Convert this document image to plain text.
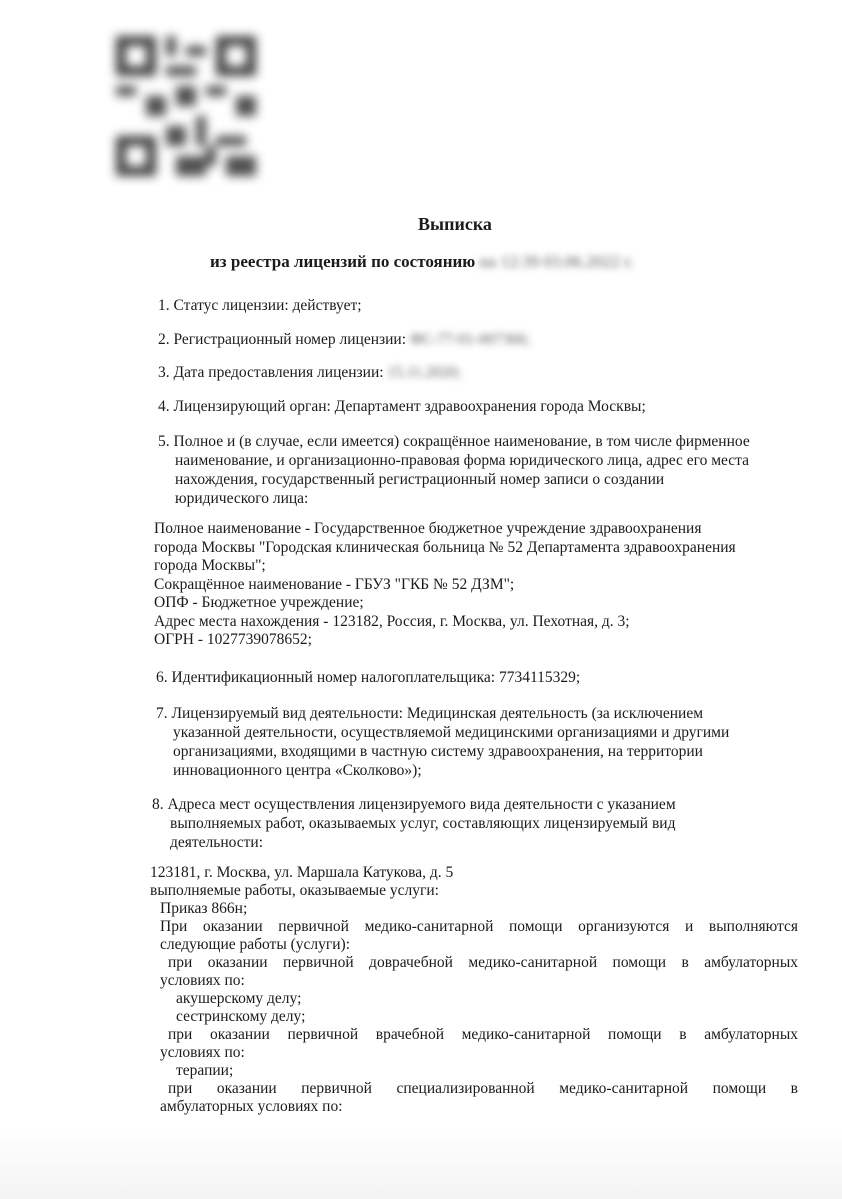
Выписка
из реестра лицензий по состоянию на 12:39 03.06.2022 г.
1. Статус лицензии: действует;
2. Регистрационный номер лицензии: ФС-77-01-007366;
3. Дата предоставления лицензии: 15.11.2020;
4. Лицензирующий орган: Департамент здравоохранения города Москвы;
5. Полное и (в случае, если имеется) сокращённое наименование, в том числе фирменное
наименование, и организационно-правовая форма юридического лица, адрес его места
нахождения, государственный регистрационный номер записи о создании
юридического лица:
Полное наименование - Государственное бюджетное учреждение здравоохранения
города Москвы "Городская клиническая больница № 52 Департамента здравоохранения
города Москвы";
Сокращённое наименование - ГБУЗ "ГКБ № 52 ДЗМ";
ОПФ - Бюджетное учреждение;
Адрес места нахождения - 123182, Россия, г. Москва, ул. Пехотная, д. 3;
ОГРН - 1027739078652;
6. Идентификационный номер налогоплательщика: 7734115329;
7. Лицензируемый вид деятельности: Медицинская деятельность (за исключением
указанной деятельности, осуществляемой медицинскими организациями и другими
организациями, входящими в частную систему здравоохранения, на территории
инновационного центра «Сколково»);
8. Адреса мест осуществления лицензируемого вида деятельности с указанием
выполняемых работ, оказываемых услуг, составляющих лицензируемый вид
деятельности:
123181, г. Москва, ул. Маршала Катукова, д. 5
выполняемые работы, оказываемые услуги:
Приказ 866н;
При оказании первичной медико-санитарной помощи организуются и выполняются
следующие работы (услуги):
при оказании первичной доврачебной медико-санитарной помощи в амбулаторных
условиях по:
акушерскому делу;
сестринскому делу;
при оказании первичной врачебной медико-санитарной помощи в амбулаторных
условиях по:
терапии;
при оказании первичной специализированной медико-санитарной помощи в
амбулаторных условиях по:
